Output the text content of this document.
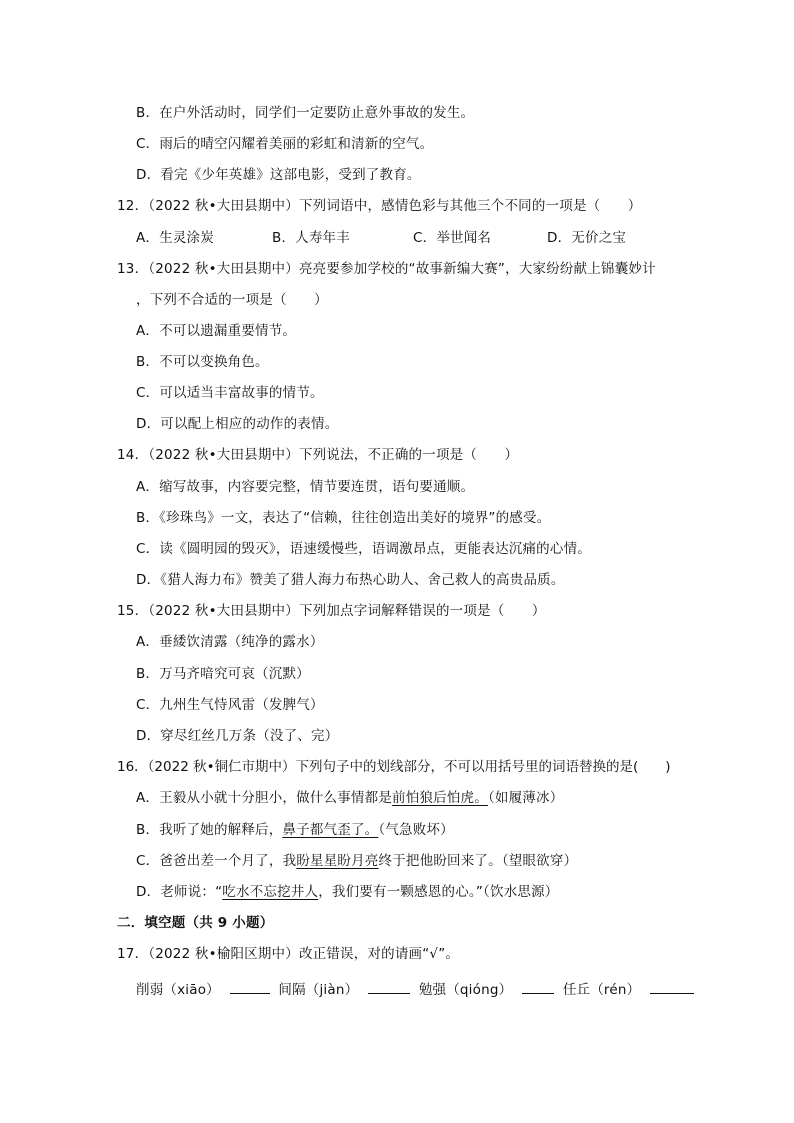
B．在户外活动时，同学们一定要防止意外事故的发生。
C．雨后的晴空闪耀着美丽的彩虹和清新的空气。
D．看完《少年英雄》这部电影，受到了教育。
12．（2022 秋•大田县期中）下列词语中，感情色彩与其他三个不同的一项是（　　）
A．生灵涂炭	B．人寿年丰	C．举世闻名	D．无价之宝
13．（2022 秋•大田县期中）亮亮要参加学校的“故事新编大赛”，大家纷纷献上锦囊妙计
，下列不合适的一项是（　　）
A．不可以遗漏重要情节。
B．不可以变换角色。
C．可以适当丰富故事的情节。
D．可以配上相应的动作的表情。
14．（2022 秋•大田县期中）下列说法，不正确的一项是（　　）
A．缩写故事，内容要完整，情节要连贯，语句要通顺。
B．《珍珠鸟》一文，表达了“信赖，往往创造出美好的境界”的感受。
C．读《圆明园的毁灭》，语速缓慢些，语调激昂点，更能表达沉痛的心情。
D．《猎人海力布》赞美了猎人海力布热心助人、舍己救人的高贵品质。
15．（2022 秋•大田县期中）下列加点字词解释错误的一项是（　　）
A．垂緌饮清露（纯净的露水）
B．万马齐喑究可哀（沉默）
C．九州生气恃风雷（发脾气）
D．穿尽红丝几万条（没了、完）
16．（2022 秋•铜仁市期中）下列句子中的划线部分，不可以用括号里的词语替换的是(　　)
A．王毅从小就十分胆小，做什么事情都是前怕狼后怕虎。（如履薄冰）
B．我听了她的解释后，鼻子都气歪了。（气急败坏）
C．爸爸出差一个月了，我盼星星盼月亮终于把他盼回来了。（望眼欲穿）
D．老师说：“吃水不忘挖井人，我们要有一颗感恩的心。”（饮水思源）
二．填空题（共 9 小题）
17．（2022 秋•榆阳区期中）改正错误，对的请画“√”。
削弱（xiāo）	间隔（jiàn）	勉强（qióng）	任丘（rén）
